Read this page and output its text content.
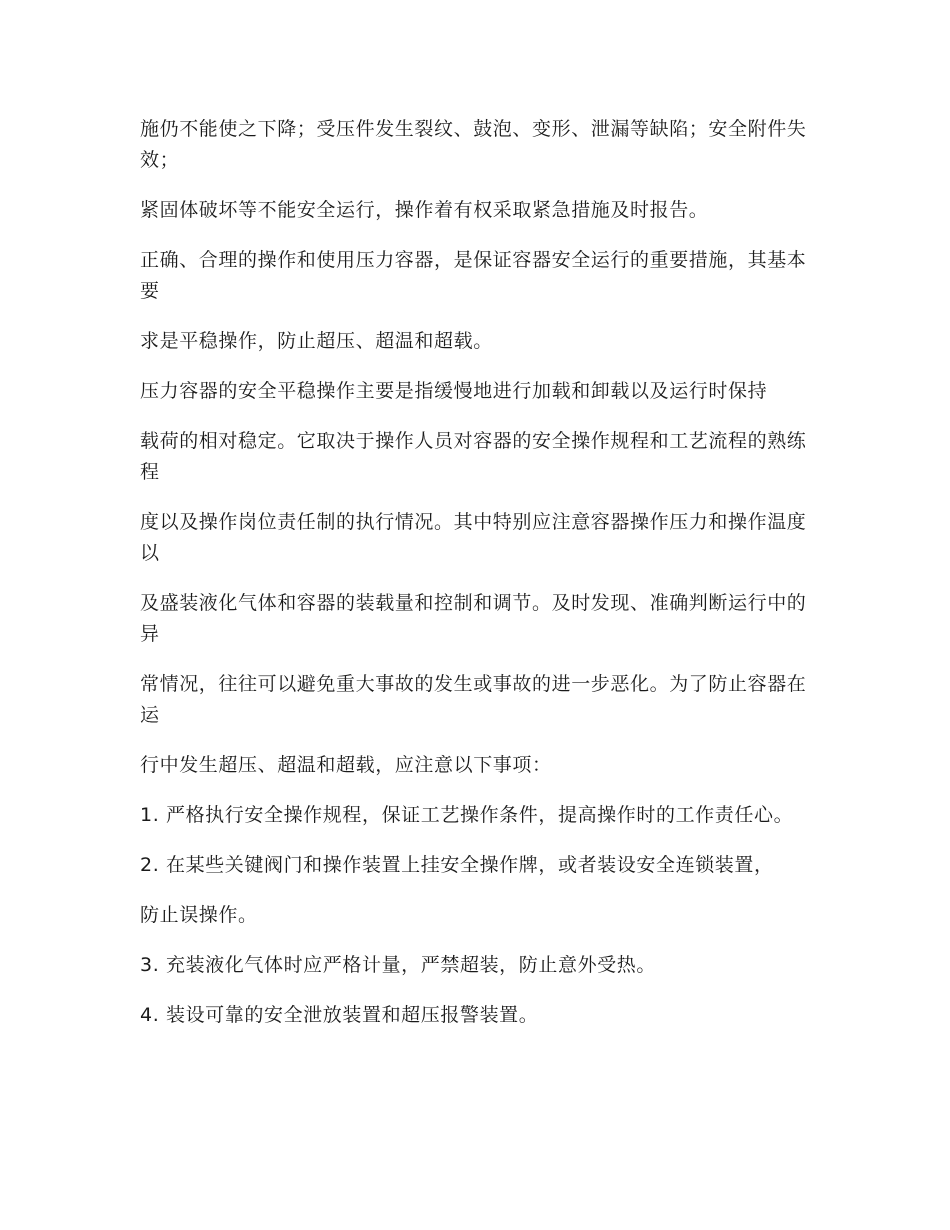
施仍不能使之下降；受压件发生裂纹、鼓泡、变形、泄漏等缺陷；安全附件失效；

紧固体破坏等不能安全运行，操作着有权采取紧急措施及时报告。

正确、合理的操作和使用压力容器，是保证容器安全运行的重要措施，其基本要

求是平稳操作，防止超压、超温和超载。

压力容器的安全平稳操作主要是指缓慢地进行加载和卸载以及运行时保持

载荷的相对稳定。它取决于操作人员对容器的安全操作规程和工艺流程的熟练程

度以及操作岗位责任制的执行情况。其中特别应注意容器操作压力和操作温度以

及盛装液化气体和容器的装载量和控制和调节。及时发现、准确判断运行中的异

常情况，往往可以避免重大事故的发生或事故的进一步恶化。为了防止容器在运

行中发生超压、超温和超载，应注意以下事项：

1. 严格执行安全操作规程，保证工艺操作条件，提高操作时的工作责任心。

2. 在某些关键阀门和操作装置上挂安全操作牌，或者装设安全连锁装置，

防止误操作。

3. 充装液化气体时应严格计量，严禁超装，防止意外受热。

4. 装设可靠的安全泄放装置和超压报警装置。
